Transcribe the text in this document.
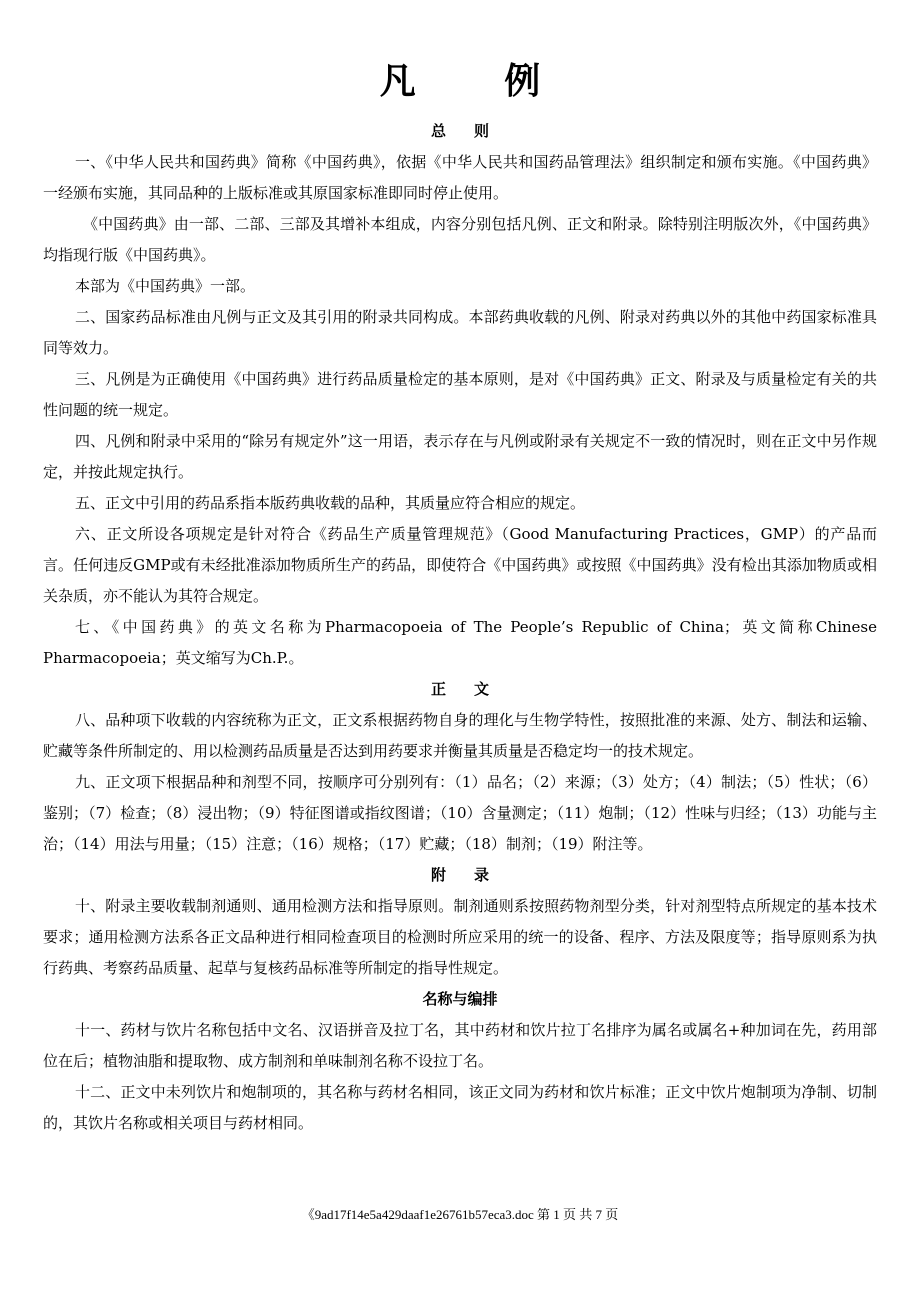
凡 例
总则

一、《中华人民共和国药典》简称《中国药典》，依据《中华人民共和国药品管理法》组织制定和颁布实施。《中国药典》一经颁布实施，其同品种的上版标准或其原国家标准即同时停止使用。

《中国药典》由一部、二部、三部及其增补本组成，内容分别包括凡例、正文和附录。除特别注明版次外，《中国药典》均指现行版《中国药典》。

本部为《中国药典》一部。

二、国家药品标准由凡例与正文及其引用的附录共同构成。本部药典收载的凡例、附录对药典以外的其他中药国家标准具同等效力。

三、凡例是为正确使用《中国药典》进行药品质量检定的基本原则，是对《中国药典》正文、附录及与质量检定有关的共性问题的统一规定。

四、凡例和附录中采用的“除另有规定外”这一用语，表示存在与凡例或附录有关规定不一致的情况时，则在正文中另作规定，并按此规定执行。

五、正文中引用的药品系指本版药典收载的品种，其质量应符合相应的规定。

六、正文所设各项规定是针对符合《药品生产质量管理规范》（Good Manufacturing Practices，GMP）的产品而言。任何违反GMP或有未经批准添加物质所生产的药品，即使符合《中国药典》或按照《中国药典》没有检出其添加物质或相关杂质，亦不能认为其符合规定。

七、《中国药典》的英文名称为Pharmacopoeia of The People’s Republic of China；英文简称Chinese Pharmacopoeia；英文缩写为Ch.P.。

正文

八、品种项下收载的内容统称为正文，正文系根据药物自身的理化与生物学特性，按照批准的来源、处方、制法和运输、贮藏等条件所制定的、用以检测药品质量是否达到用药要求并衡量其质量是否稳定均一的技术规定。

九、正文项下根据品种和剂型不同，按顺序可分别列有：（1）品名；（2）来源；（3）处方；（4）制法；（5）性状；（6）鉴别；（7）检查；（8）浸出物；（9）特征图谱或指纹图谱；（10）含量测定；（11）炮制；（12）性味与归经；（13）功能与主治；（14）用法与用量；（15）注意；（16）规格；（17）贮藏；（18）制剂；（19）附注等。

附录

十、附录主要收载制剂通则、通用检测方法和指导原则。制剂通则系按照药物剂型分类，针对剂型特点所规定的基本技术要求；通用检测方法系各正文品种进行相同检查项目的检测时所应采用的统一的设备、程序、方法及限度等；指导原则系为执行药典、考察药品质量、起草与复核药品标准等所制定的指导性规定。

名称与编排

十一、药材与饮片名称包括中文名、汉语拼音及拉丁名，其中药材和饮片拉丁名排序为属名或属名+种加词在先，药用部位在后；植物油脂和提取物、成方制剂和单味制剂名称不设拉丁名。

十二、正文中未列饮片和炮制项的，其名称与药材名相同，该正文同为药材和饮片标准；正文中饮片炮制项为净制、切制的，其饮片名称或相关项目与药材相同。

《9ad17f14e5a429daaf1e26761b57eca3.doc 第 1 页 共 7 页
